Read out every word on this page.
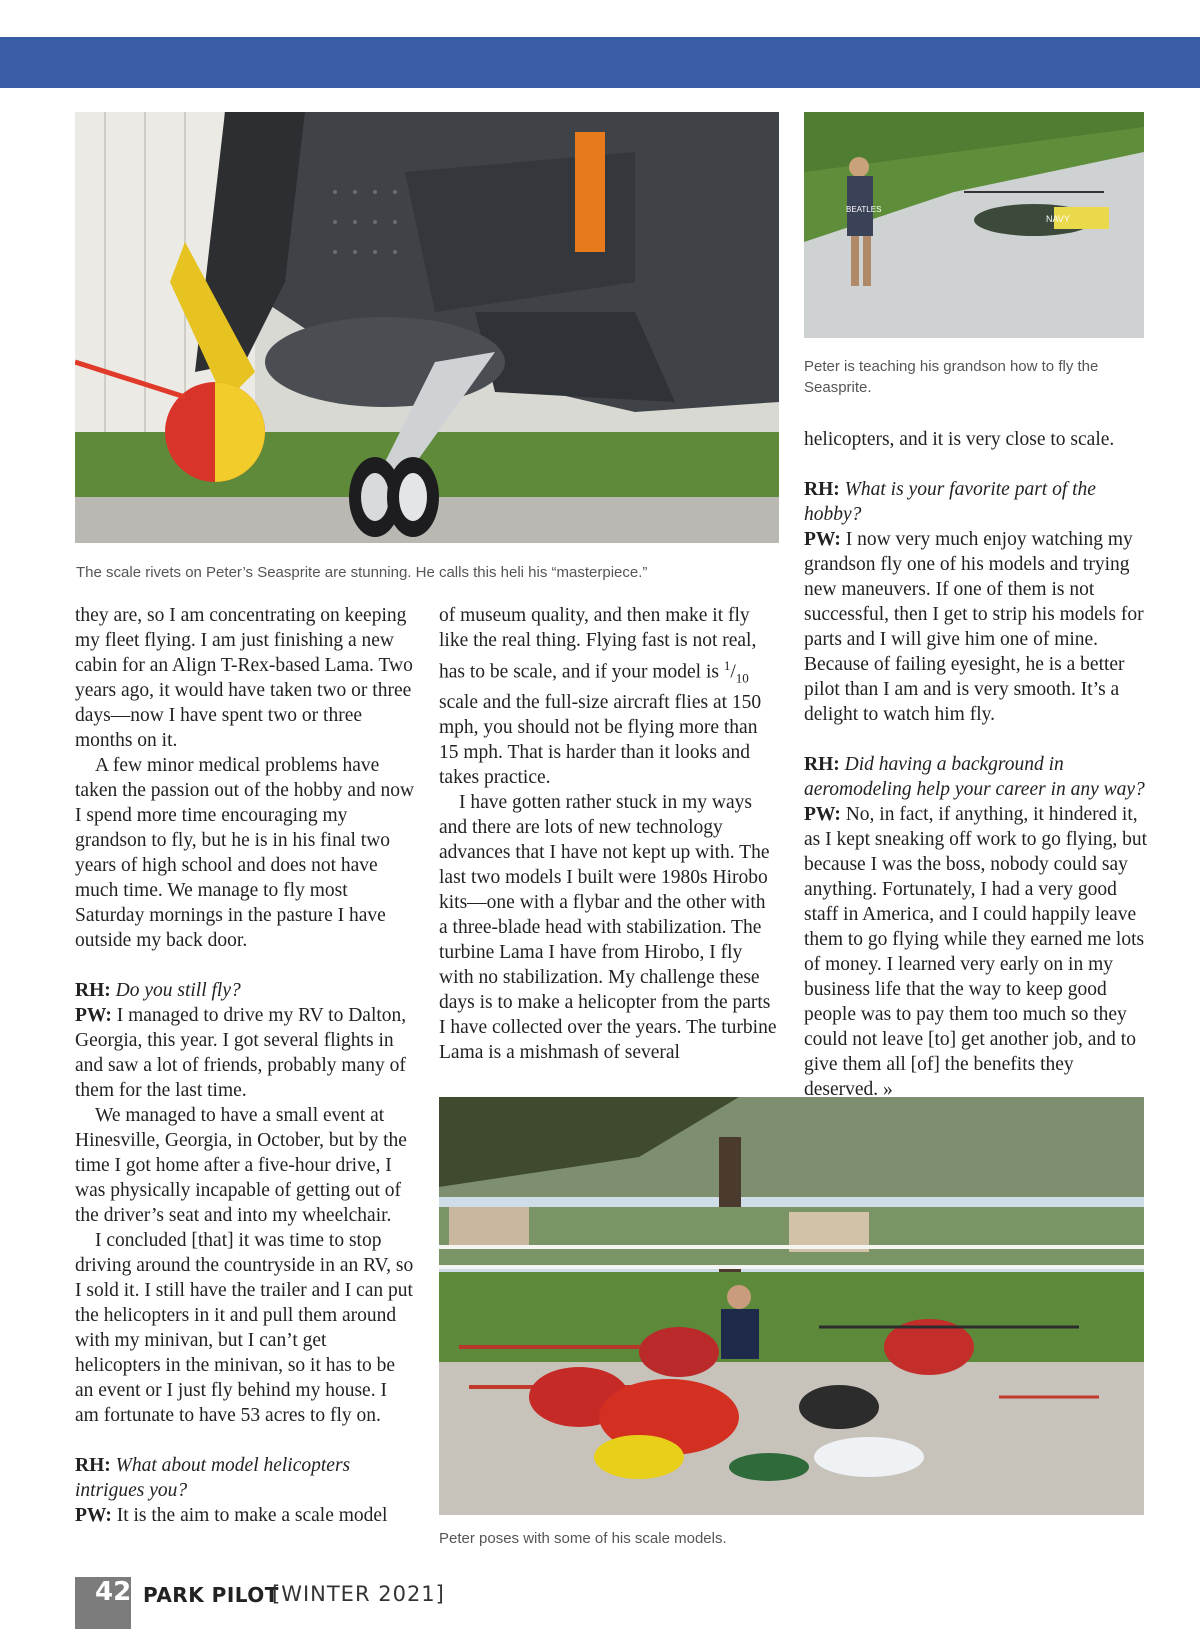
The scale rivets on Peter’s Seasprite are stunning. He calls this heli his “masterpiece.”
BEATLES
NAVY
Peter is teaching his grandson how to fly the Seasprite.
Peter poses with some of his scale models.

they are, so I am concentrating on keeping my fleet flying. I am just finishing a new cabin for an Align T-Rex-based Lama. Two years ago, it would have taken two or three days—now I have spent two or three months on it.

A few minor medical problems have taken the passion out of the hobby and now I spend more time encouraging my grandson to fly, but he is in his final two years of high school and does not have much time. We manage to fly most Saturday mornings in the pasture I have outside my back door.

RH: Do you still fly?

PW: I managed to drive my RV to Dalton, Georgia, this year. I got several flights in and saw a lot of friends, probably many of them for the last time.

We managed to have a small event at Hinesville, Georgia, in October, but by the time I got home after a five-hour drive, I was physically incapable of getting out of the driver’s seat and into my wheelchair.

I concluded [that] it was time to stop driving around the countryside in an RV, so I sold it. I still have the trailer and I can put the helicopters in it and pull them around with my minivan, but I can’t get helicopters in the minivan, so it has to be an event or I just fly behind my house. I am fortunate to have 53 acres to fly on.

RH: What about model helicopters intrigues you?

PW: It is the aim to make a scale model

of museum quality, and then make it fly like the real thing. Flying fast is not real, has to be scale, and if your model is $^1/_{10}$ scale and the full-size aircraft flies at 150 mph, you should not be flying more than 15 mph. That is harder than it looks and takes practice.

I have gotten rather stuck in my ways and there are lots of new technology advances that I have not kept up with. The last two models I built were 1980s Hirobo kits—one with a flybar and the other with a three-blade head with stabilization. The turbine Lama I have from Hirobo, I fly with no stabilization. My challenge these days is to make a helicopter from the parts I have collected over the years. The turbine Lama is a mishmash of several

helicopters, and it is very close to scale.

RH: What is your favorite part of the hobby?

PW: I now very much enjoy watching my grandson fly one of his models and trying new maneuvers. If one of them is not successful, then I get to strip his models for parts and I will give him one of mine. Because of failing eyesight, he is a better pilot than I am and is very smooth. It’s a delight to watch him fly.

RH: Did having a background in aeromodeling help your career in any way?

PW: No, in fact, if anything, it hindered it, as I kept sneaking off work to go flying, but because I was the boss, nobody could say anything. Fortunately, I had a very good staff in America, and I could happily leave them to go flying while they earned me lots of money. I learned very early on in my business life that the way to keep good people was to pay them too much so they could not leave [to] get another job, and to give them all [of] the benefits they deserved. »

42 PARK PILOT
[WINTER 2021]
